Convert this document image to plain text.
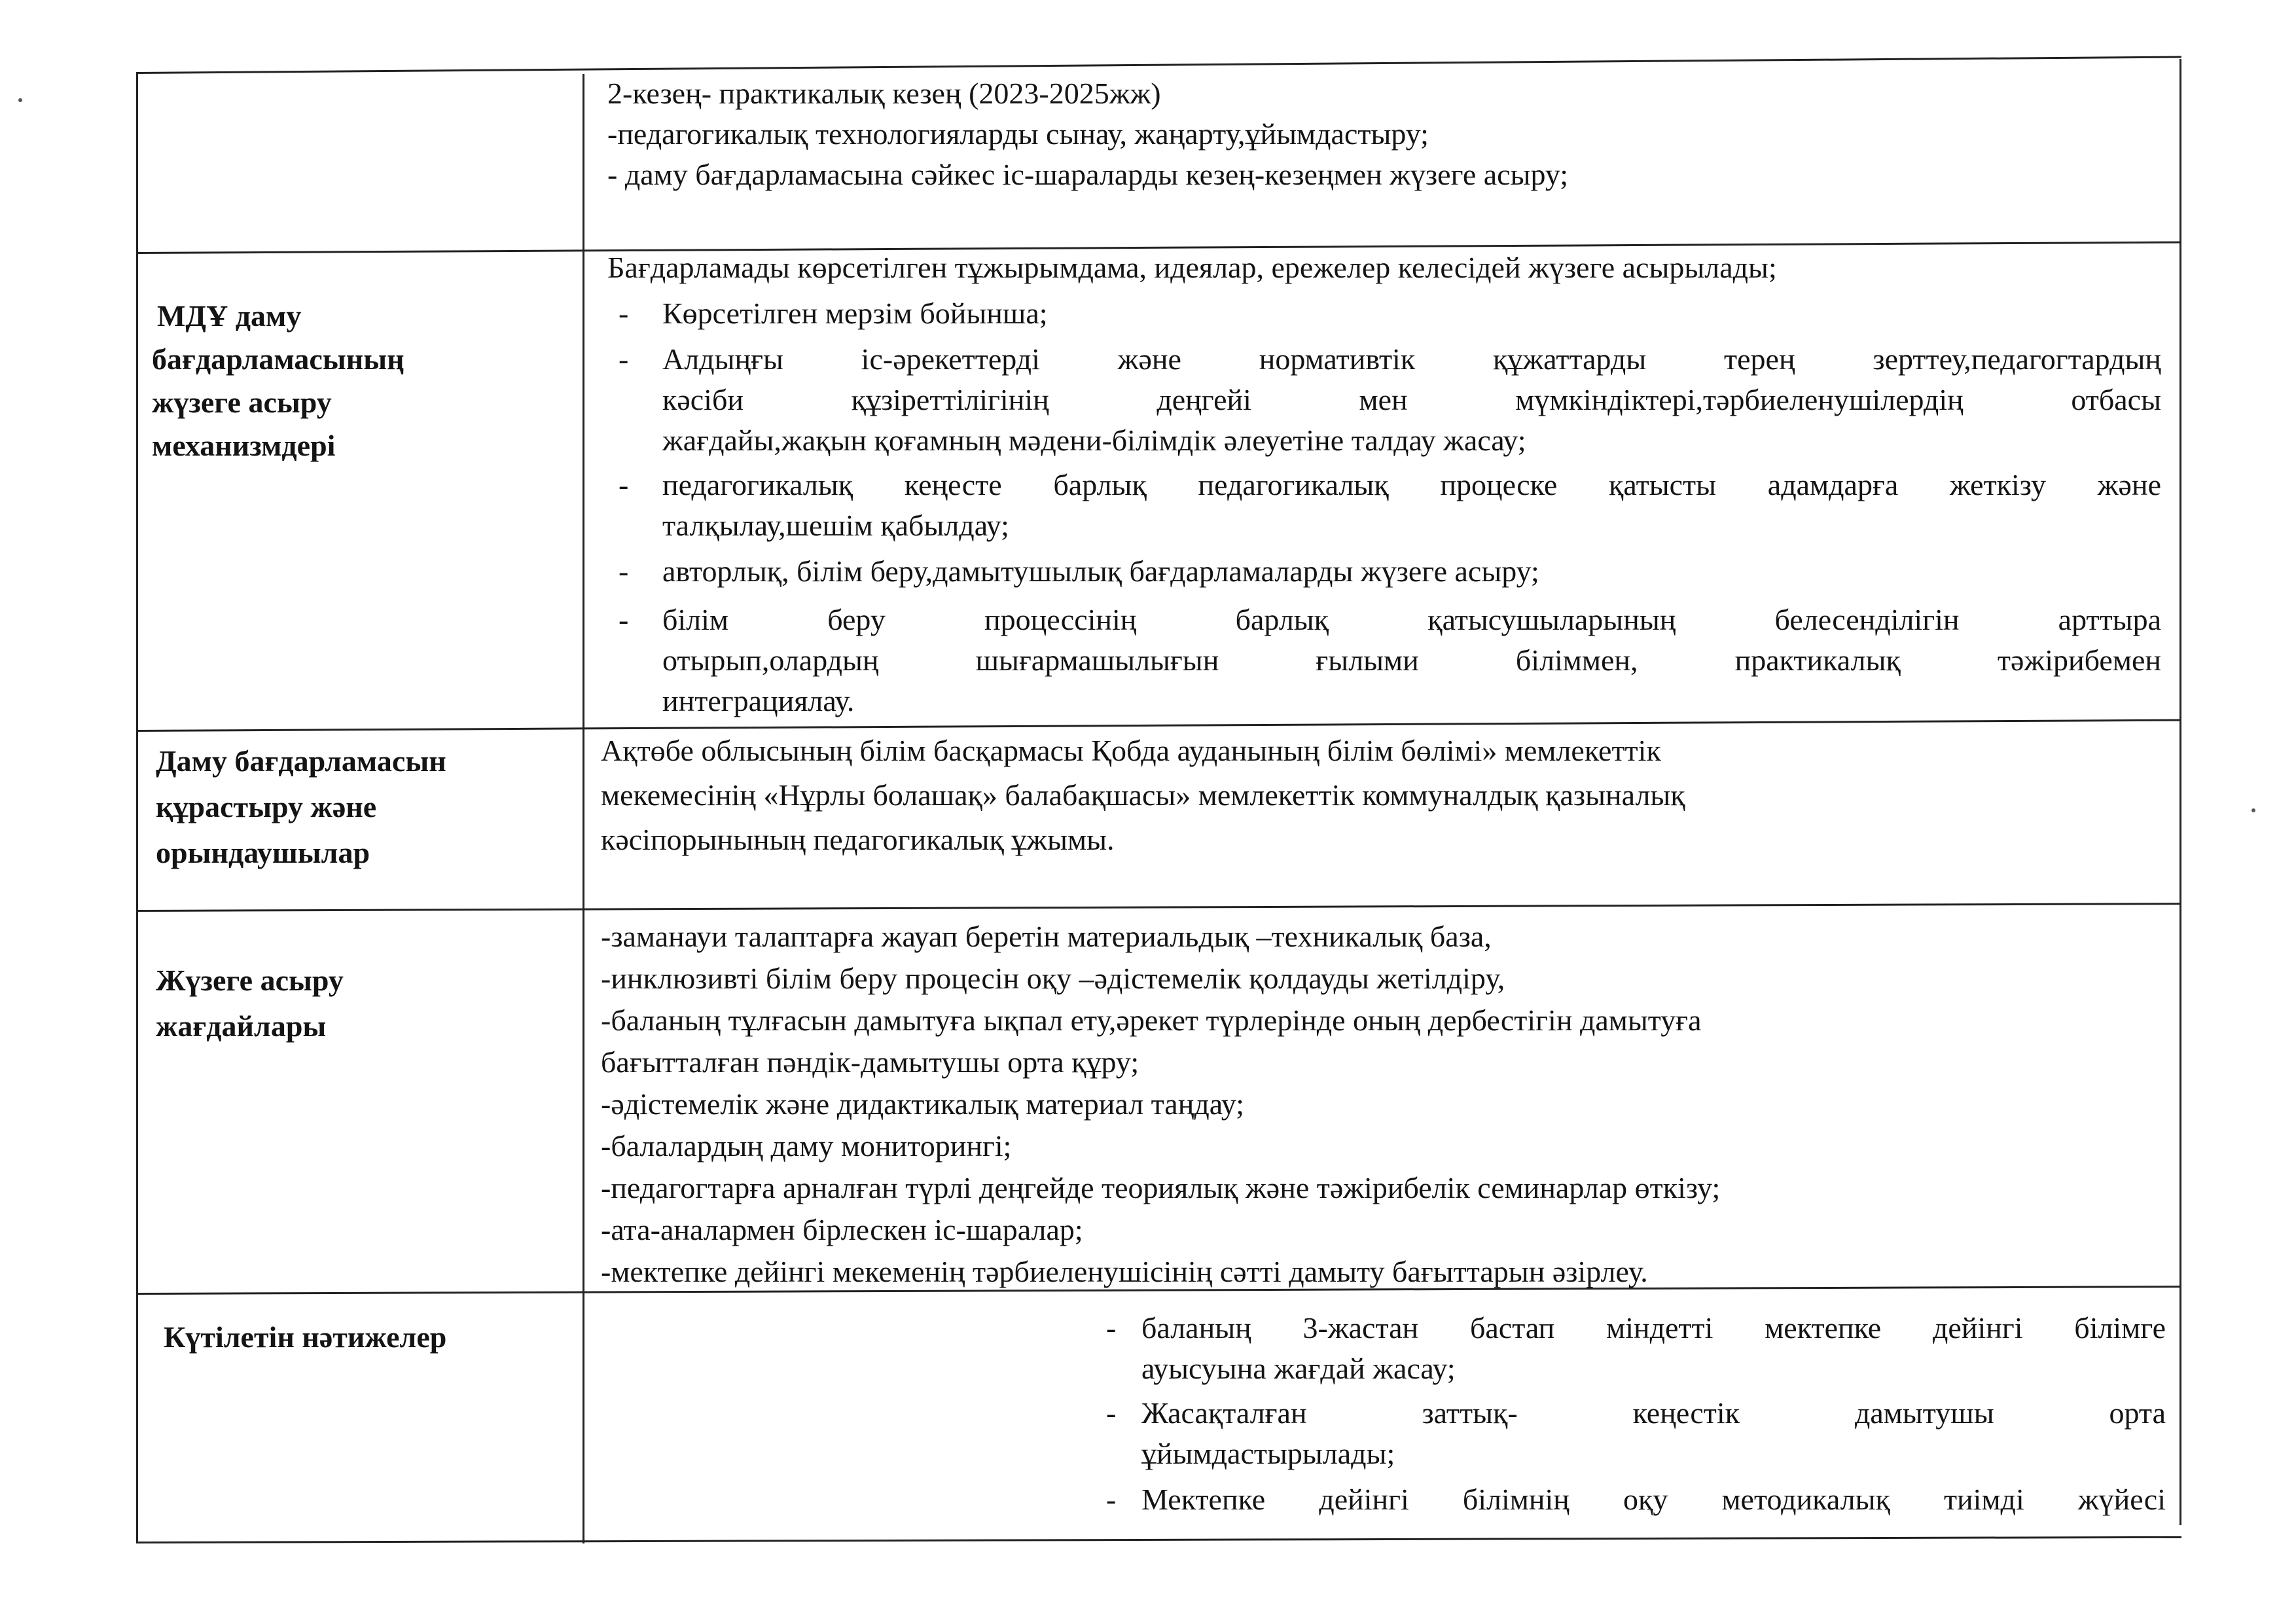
2-кезең- практикалық кезең (2023-2025жж)
-педагогикалық технологияларды сынау, жаңарту,ұйымдастыру;
- даму бағдарламасына сәйкес іс-шараларды кезең-кезеңмен жүзеге асыру;
МДҰ даму
бағдарламасының
жүзеге асыру
механизмдері
Бағдарламады көрсетілген тұжырымдама, идеялар, ережелер келесідей жүзеге асырылады;
- Көрсетілген мерзім бойынша;
- Алдыңғы іс-әрекеттерді және нормативтік құжаттарды терең зерттеу,педагогтардың
кәсіби құзіреттілігінің деңгейі мен мүмкіндіктері,тәрбиеленушілердің отбасы
жағдайы,жақын қоғамның мәдени-білімдік әлеуетіне талдау жасау;
- педагогикалық кеңесте барлық педагогикалық процеске қатысты адамдарға жеткізу және
талқылау,шешім қабылдау;
- авторлық, білім беру,дамытушылық бағдарламаларды жүзеге асыру;
- білім беру процессінің барлық қатысушыларының белесенділігін арттыра
отырып,олардың шығармашылығын ғылыми біліммен, практикалық тәжірибемен
интеграциялау.
Даму бағдарламасын
құрастыру және
орындаушылар
Ақтөбе облысының білім басқармасы Қобда ауданының білім бөлімі» мемлекеттік
мекемесінің «Нұрлы болашақ» балабақшасы» мемлекеттік коммуналдық қазыналық
кәсіпорынының педагогикалық ұжымы.
Жүзеге асыру
жағдайлары
-заманауи талаптарға жауап беретін материальдық –техникалық база,
-инклюзивті білім беру процесін оқу –әдістемелік қолдауды жетілдіру,
-баланың тұлғасын дамытуға ықпал ету,әрекет түрлерінде оның дербестігін дамытуға
бағытталған пәндік-дамытушы орта құру;
-әдістемелік және дидактикалық материал таңдау;
-балалардың даму мониторингі;
-педагогтарға арналған түрлі деңгейде теориялық және тәжірибелік семинарлар өткізу;
-ата-аналармен бірлескен іс-шаралар;
-мектепке дейінгі мекеменің тәрбиеленушісінің сәтті дамыту бағыттарын әзірлеу.
Күтілетін нәтижелер	- баланың 3-жастан бастап міндетті мектепке дейінгі білімге
ауысуына жағдай жасау;
- Жасақталған заттық- кеңестік дамытушы орта
ұйымдастырылады;
- Мектепке дейінгі білімнің оқу методикалық тиімді жүйесі
